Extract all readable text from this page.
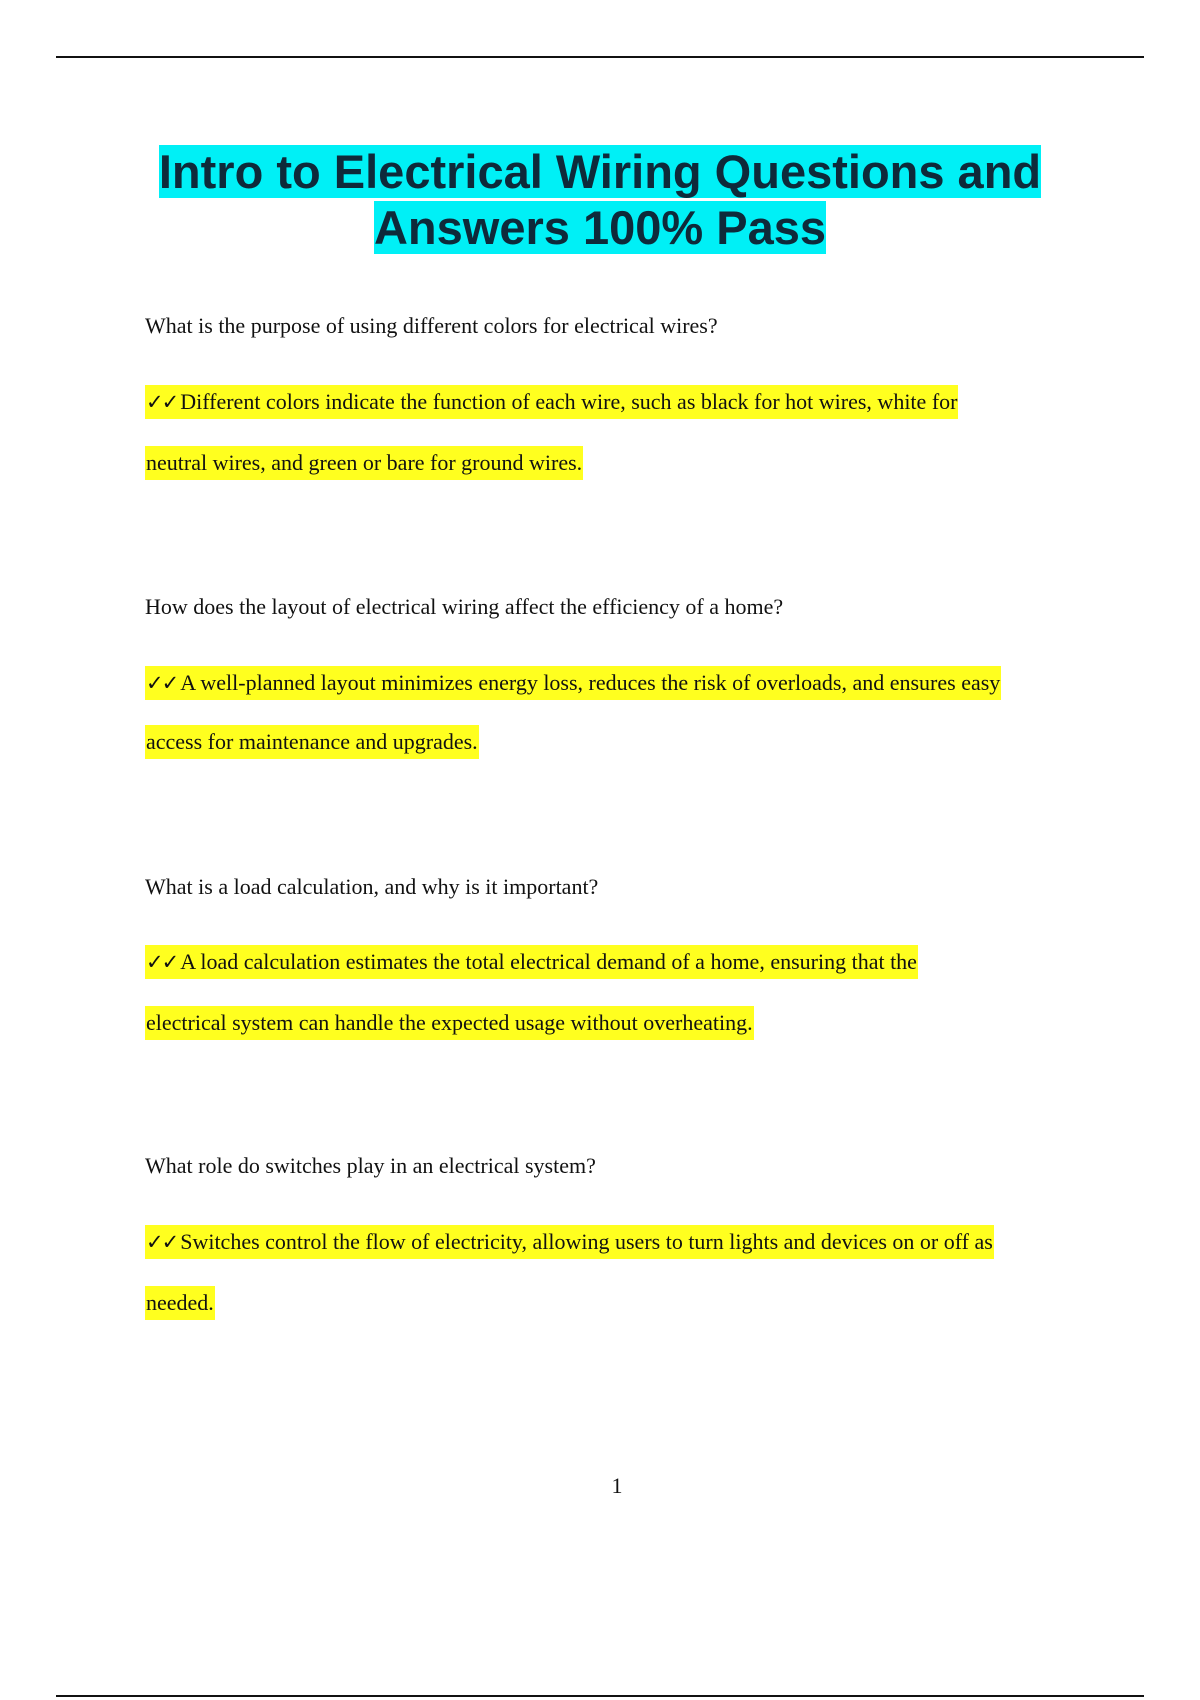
Intro to Electrical Wiring Questions and
Answers 100% Pass
What is the purpose of using different colors for electrical wires?
✓✓ Different colors indicate the function of each wire, such as black for hot wires, white for
neutral wires, and green or bare for ground wires.
How does the layout of electrical wiring affect the efficiency of a home?
✓✓ A well-planned layout minimizes energy loss, reduces the risk of overloads, and ensures easy
access for maintenance and upgrades.
What is a load calculation, and why is it important?
✓✓ A load calculation estimates the total electrical demand of a home, ensuring that the
electrical system can handle the expected usage without overheating.
What role do switches play in an electrical system?
✓✓ Switches control the flow of electricity, allowing users to turn lights and devices on or off as
needed.
1
